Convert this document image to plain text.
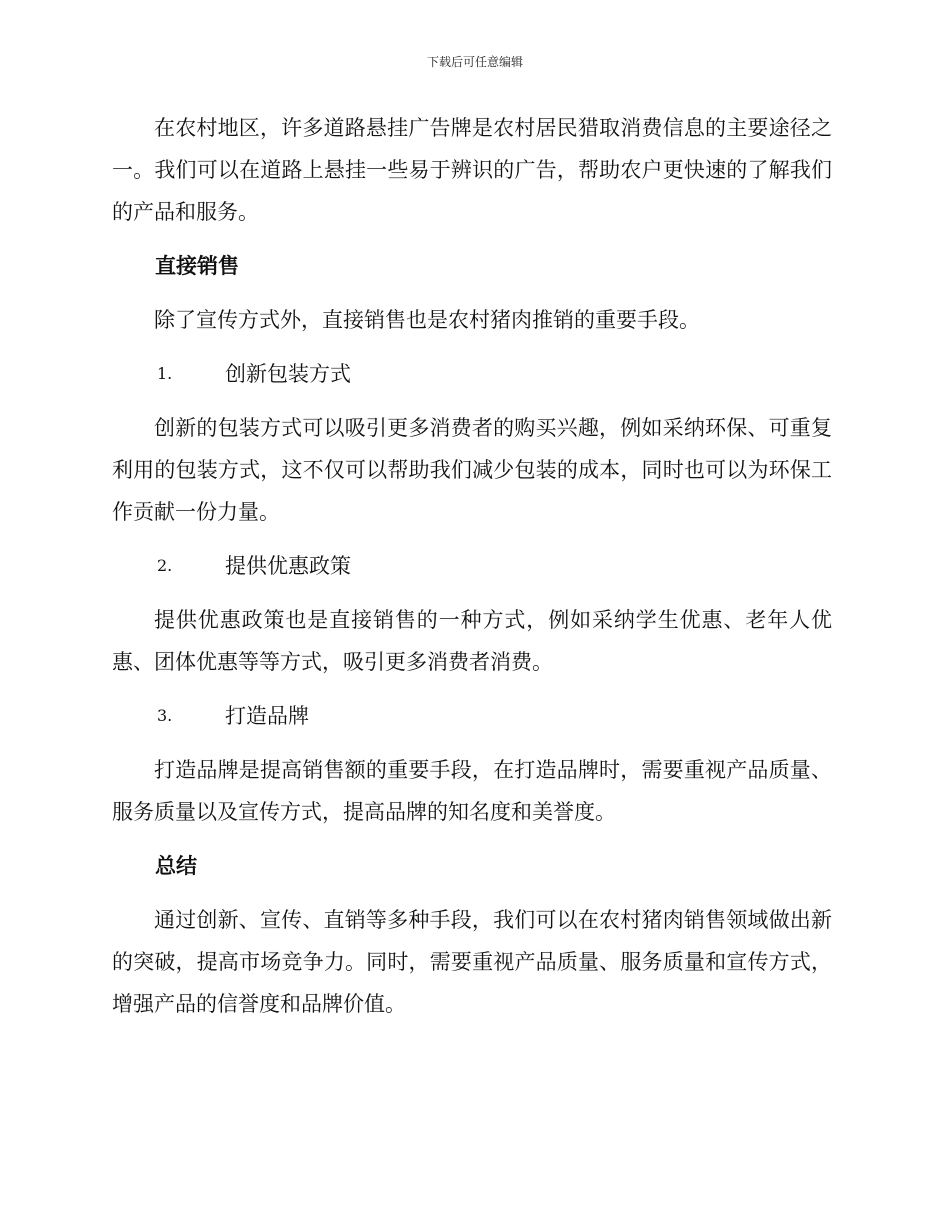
下载后可任意编辑

在农村地区，许多道路悬挂广告牌是农村居民猎取消费信息的主要途径之一。我们可以在道路上悬挂一些易于辨识的广告，帮助农户更快速的了解我们的产品和服务。

直接销售

除了宣传方式外，直接销售也是农村猪肉推销的重要手段。

1.	创新包装方式

创新的包装方式可以吸引更多消费者的购买兴趣，例如采纳环保、可重复利用的包装方式，这不仅可以帮助我们减少包装的成本，同时也可以为环保工作贡献一份力量。

2.	提供优惠政策

提供优惠政策也是直接销售的一种方式，例如采纳学生优惠、老年人优惠、团体优惠等等方式，吸引更多消费者消费。

3.	打造品牌

打造品牌是提高销售额的重要手段，在打造品牌时，需要重视产品质量、服务质量以及宣传方式，提高品牌的知名度和美誉度。

总结

通过创新、宣传、直销等多种手段，我们可以在农村猪肉销售领域做出新的突破，提高市场竞争力。同时，需要重视产品质量、服务质量和宣传方式，增强产品的信誉度和品牌价值。
